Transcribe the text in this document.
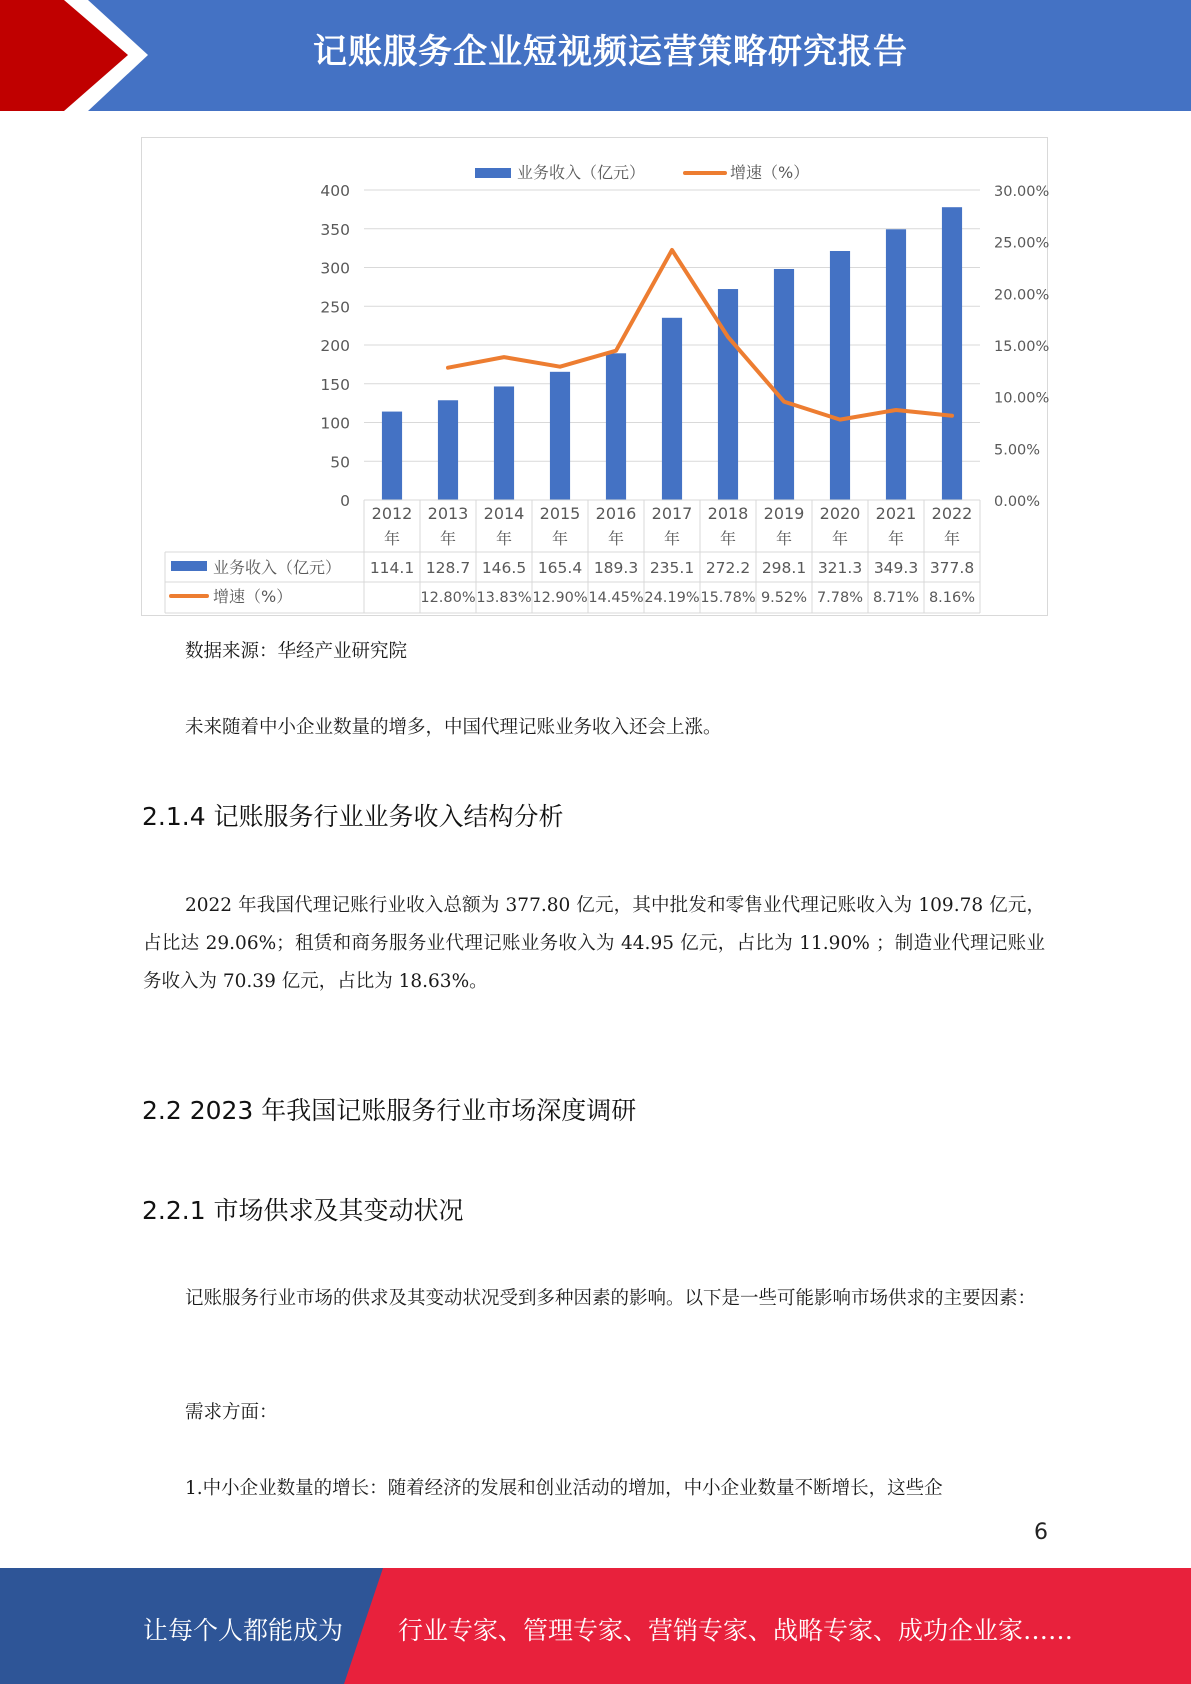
记账服务企业短视频运营策略研究报告
0
50
100
150
200
250
300
350
400
0.00%
5.00%
10.00%
15.00%
20.00%
25.00%
30.00%
业务收入（亿元）	增速（%）
2012
年
2013
年
2014
年
2015
年
2016
年
2017
年
2018
年
2019
年
2020
年
2021
年
2022
年
业务收入（亿元）
增速（%）
114.1 128.7 146.5 165.4 189.3 235.1 272.2 298.1 321.3 349.3 377.8
12.80% 13.83% 12.90% 14.45% 24.19% 15.78% 9.52% 7.78% 8.71% 8.16%
数据来源：华经产业研究院
未来随着中小企业数量的增多，中国代理记账业务收入还会上涨。
2.1.4 记账服务行业业务收入结构分析
2022 年我国代理记账行业收入总额为 377.80 亿元，其中批发和零售业代理记账收入为 109.78 亿元，占比达 29.06%；租赁和商务服务业代理记账业务收入为 44.95 亿元，占比为 11.90% ；制造业代理记账业务收入为 70.39 亿元，占比为 18.63%。
2.2 2023 年我国记账服务行业市场深度调研
2.2.1 市场供求及其变动状况
记账服务行业市场的供求及其变动状况受到多种因素的影响。以下是一些可能影响市场供求的主要因素：
需求方面：
1.中小企业数量的增长：随着经济的发展和创业活动的增加，中小企业数量不断增长，这些企
6
让每个人都能成为 行业专家、管理专家、营销专家、战略专家、成功企业家……
